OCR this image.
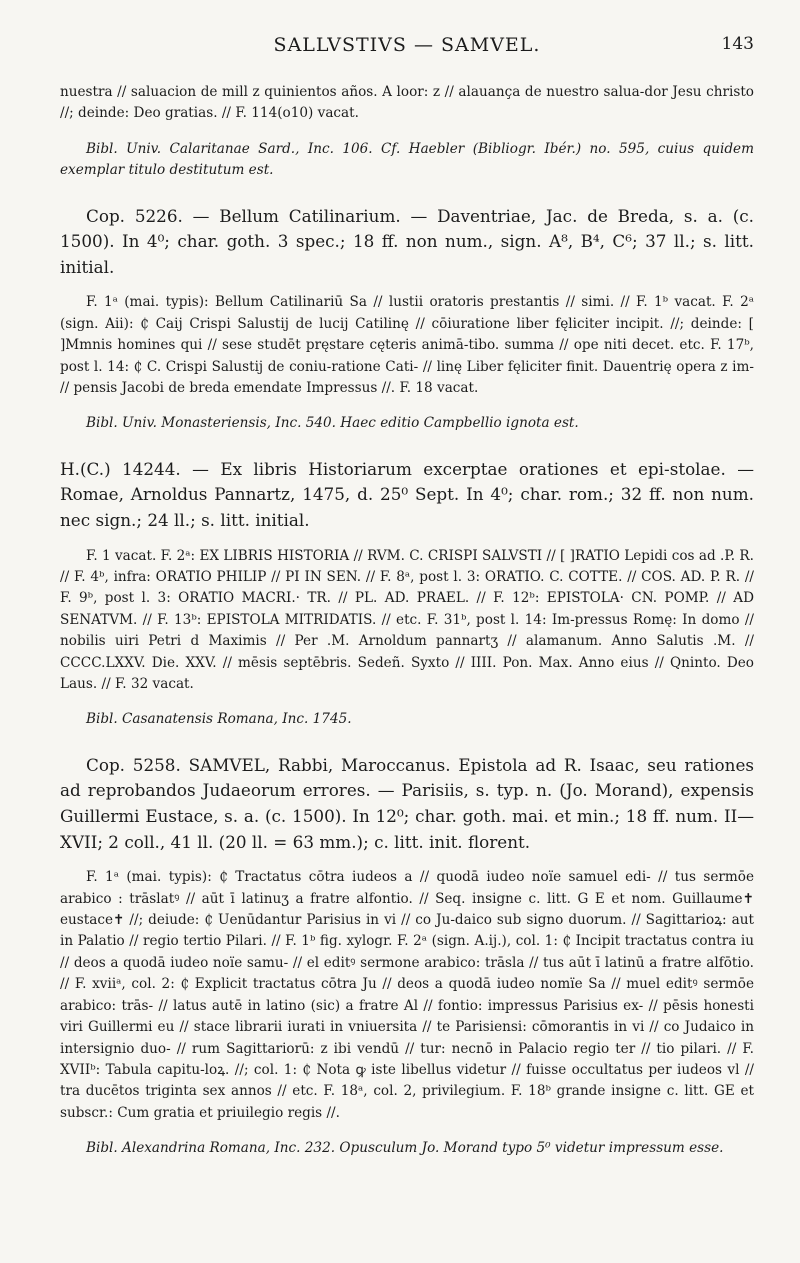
SALLVSTIVS — SAMVEL.	143

nuestra // saluacion de mill z quinientos años. A loor: z // alauança de nuestro salua-dor Jesu christo //; deinde: Deo gratias. // F. 114(o10) vacat.

Bibl. Univ. Calaritanae Sard., Inc. 106. Cf. Haebler (Bibliogr. Ibér.) no. 595, cuius quidem exemplar titulo destitutum est.

Cop. 5226. — Bellum Catilinarium. — Daventriae, Jac. de Breda, s. a. (c. 1500). In 4⁰; char. goth. 3 spec.; 18 ff. non num., sign. A⁸, B⁴, C⁶; 37 ll.; s. litt. initial.

F. 1ᵃ (mai. typis): Bellum Catilinariū Sa // lustii oratoris prestantis // simi. // F. 1ᵇ vacat. F. 2ᵃ (sign. Aii): ₵ Caij Crispi Salustij de lucij Catilinę // cōiuratione liber fęliciter incipit. //; deinde: [ ]Mmnis homines qui // sese studēt pręstare cęteris animā-tibo. summa // ope niti decet. etc. F. 17ᵇ, post l. 14: ₵ C. Crispi Salustij de coniu-ratione Cati- // linę Liber fęliciter finit. Dauentrię opera z im- // pensis Jacobi de breda emendate Impressus //. F. 18 vacat.

Bibl. Univ. Monasteriensis, Inc. 540. Haec editio Campbellio ignota est.

H.(C.) 14244. — Ex libris Historiarum excerptae orationes et epi-stolae. — Romae, Arnoldus Pannartz, 1475, d. 25⁰ Sept. In 4⁰; char. rom.; 32 ff. non num. nec sign.; 24 ll.; s. litt. initial.

F. 1 vacat. F. 2ᵃ: EX LIBRIS HISTORIA // RVM. C. CRISPI SALVSTI // [ ]RATIO Lepidi cos ad .P. R. // F. 4ᵇ, infra: ORATIO PHILIP // PI IN SEN. // F. 8ᵃ, post l. 3: ORATIO. C. COTTE. // COS. AD. P. R. // F. 9ᵇ, post l. 3: ORATIO MACRI.· TR. // PL. AD. PRAEL. // F. 12ᵇ: EPISTOLA· CN. POMP. // AD SENATVM. // F. 13ᵇ: EPISTOLA MITRIDATIS. // etc. F. 31ᵇ, post l. 14: Im-pressus Romę: In domo // nobilis uiri Petri d Maximis // Per .M. Arnoldum pannartʒ // alamanum. Anno Salutis .M. // CCCC.LXXV. Die. XXV. // mēsis septēbris. Sedeñ. Syxto // IIII. Pon. Max. Anno eius // Qninto. Deo Laus. // F. 32 vacat.

Bibl. Casanatensis Romana, Inc. 1745.

Cop. 5258. SAMVEL, Rabbi, Maroccanus. Epistola ad R. Isaac, seu rationes ad reprobandos Judaeorum errores. — Parisiis, s. typ. n. (Jo. Morand), expensis Guillermi Eustace, s. a. (c. 1500). In 12⁰; char. goth. mai. et min.; 18 ff. num. II—XVII; 2 coll., 41 ll. (20 ll. = 63 mm.); c. litt. init. florent.

F. 1ᵃ (mai. typis): ₵ Tractatus cōtra iudeos a // quodā iudeo noïe samuel edi- // tus sermōe arabico : trāslatꝰ // aūt ī latinuʒ a fratre alfontio. // Seq. insigne c. litt. G E et nom. Guillaume✝ eustace✝ //; deiude: ₵ Uenūdantur Parisius in vi // co Ju-daico sub signo duorum. // Sagittarioꝝ: aut in Palatio // regio tertio Pilari. // F. 1ᵇ fig. xylogr. F. 2ᵃ (sign. A.ij.), col. 1: ₵ Incipit tractatus contra iu // deos a quodā iudeo noïe samu- // el editꝰ sermone arabico: trāsla // tus aūt ī latinū a fratre alfōtio. // F. xviiᵃ, col. 2: ₵ Explicit tractatus cōtra Ju // deos a quodā iudeo nomïe Sa // muel editꝰ sermōe arabico: trās- // latus autē in latino (sic) a fratre Al // fontio: impressus Parisius ex- // pēsis honesti viri Guillermi eu // stace librarii iurati in vniuersita // te Parisiensi: cōmorantis in vi // co Judaico in intersignio duo- // rum Sagittariorū: z ibi vendū // tur: necnō in Palacio regio ter // tio pilari. // F. XVIIᵇ: Tabula capitu-loꝝ. //; col. 1: ₵ Nota ꝙ iste libellus videtur // fuisse occultatus per iudeos vl // tra ducētos triginta sex annos // etc. F. 18ᵃ, col. 2, privilegium. F. 18ᵇ grande insigne c. litt. GE et subscr.: Cum gratia et priuilegio regis //.

Bibl. Alexandrina Romana, Inc. 232. Opusculum Jo. Morand typo 5⁰ videtur impressum esse.
